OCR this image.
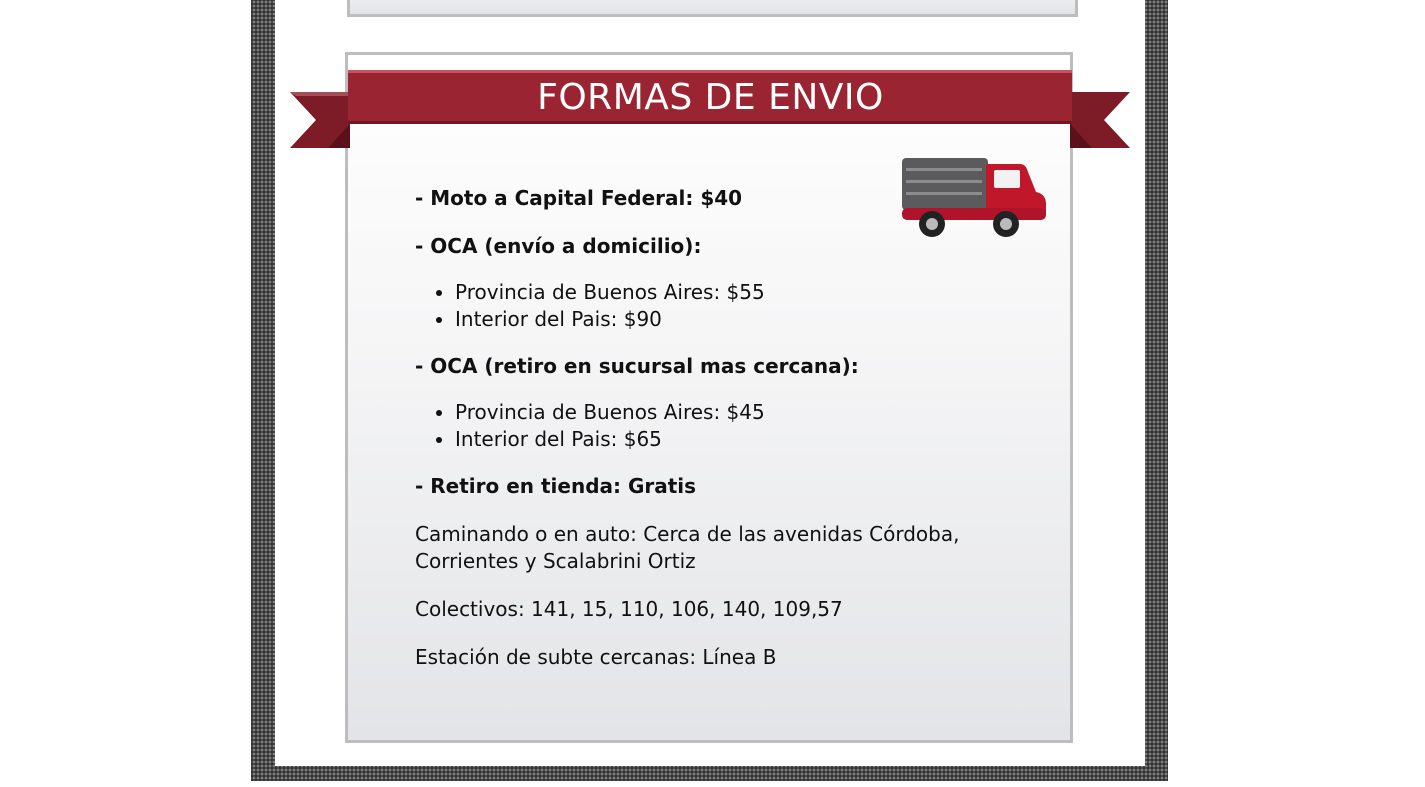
FORMAS DE ENVIO

- Moto a Capital Federal: $40

- OCA (envío a domicilio):

• Provincia de Buenos Aires: $55
• Interior del Pais: $90

- OCA (retiro en sucursal mas cercana):

• Provincia de Buenos Aires: $45
• Interior del Pais: $65

- Retiro en tienda: Gratis

Caminando o en auto: Cerca de las avenidas Córdoba, Corrientes y Scalabrini Ortiz

Colectivos: 141, 15, 110, 106, 140, 109,57

Estación de subte cercanas: Línea B
